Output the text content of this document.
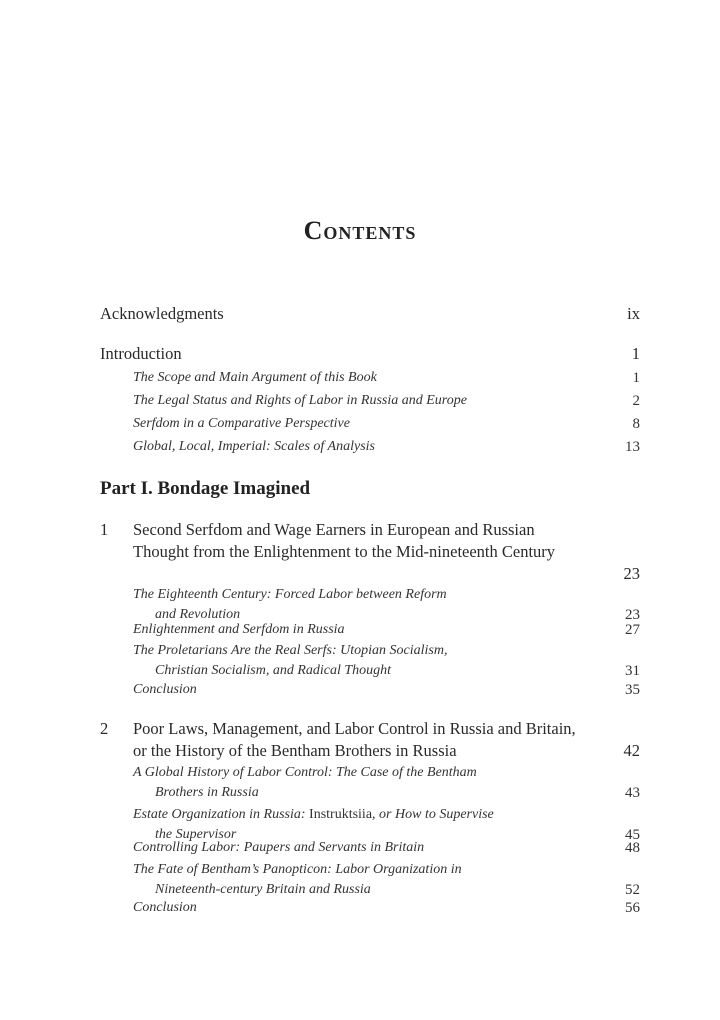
Contents
Acknowledgments	ix
Introduction	1
The Scope and Main Argument of this Book	1
The Legal Status and Rights of Labor in Russia and Europe	2
Serfdom in a Comparative Perspective	8
Global, Local, Imperial: Scales of Analysis	13
Part I. Bondage Imagined
1 Second Serfdom and Wage Earners in European and Russian Thought from the Enlightenment to the Mid-nineteenth Century
23
The Eighteenth Century: Forced Labor between Reform
and Revolution	23
Enlightenment and Serfdom in Russia	27
The Proletarians Are the Real Serfs: Utopian Socialism,
Christian Socialism, and Radical Thought	31
Conclusion	35
2 Poor Laws, Management, and Labor Control in Russia and Britain, or the History of the Bentham Brothers in Russia	42
A Global History of Labor Control: The Case of the Bentham
Brothers in Russia	43
Estate Organization in Russia: Instruktsiia, or How to Supervise
the Supervisor	45
Controlling Labor: Paupers and Servants in Britain	48
The Fate of Bentham’s Panopticon: Labor Organization in
Nineteenth-century Britain and Russia	52
Conclusion	56
